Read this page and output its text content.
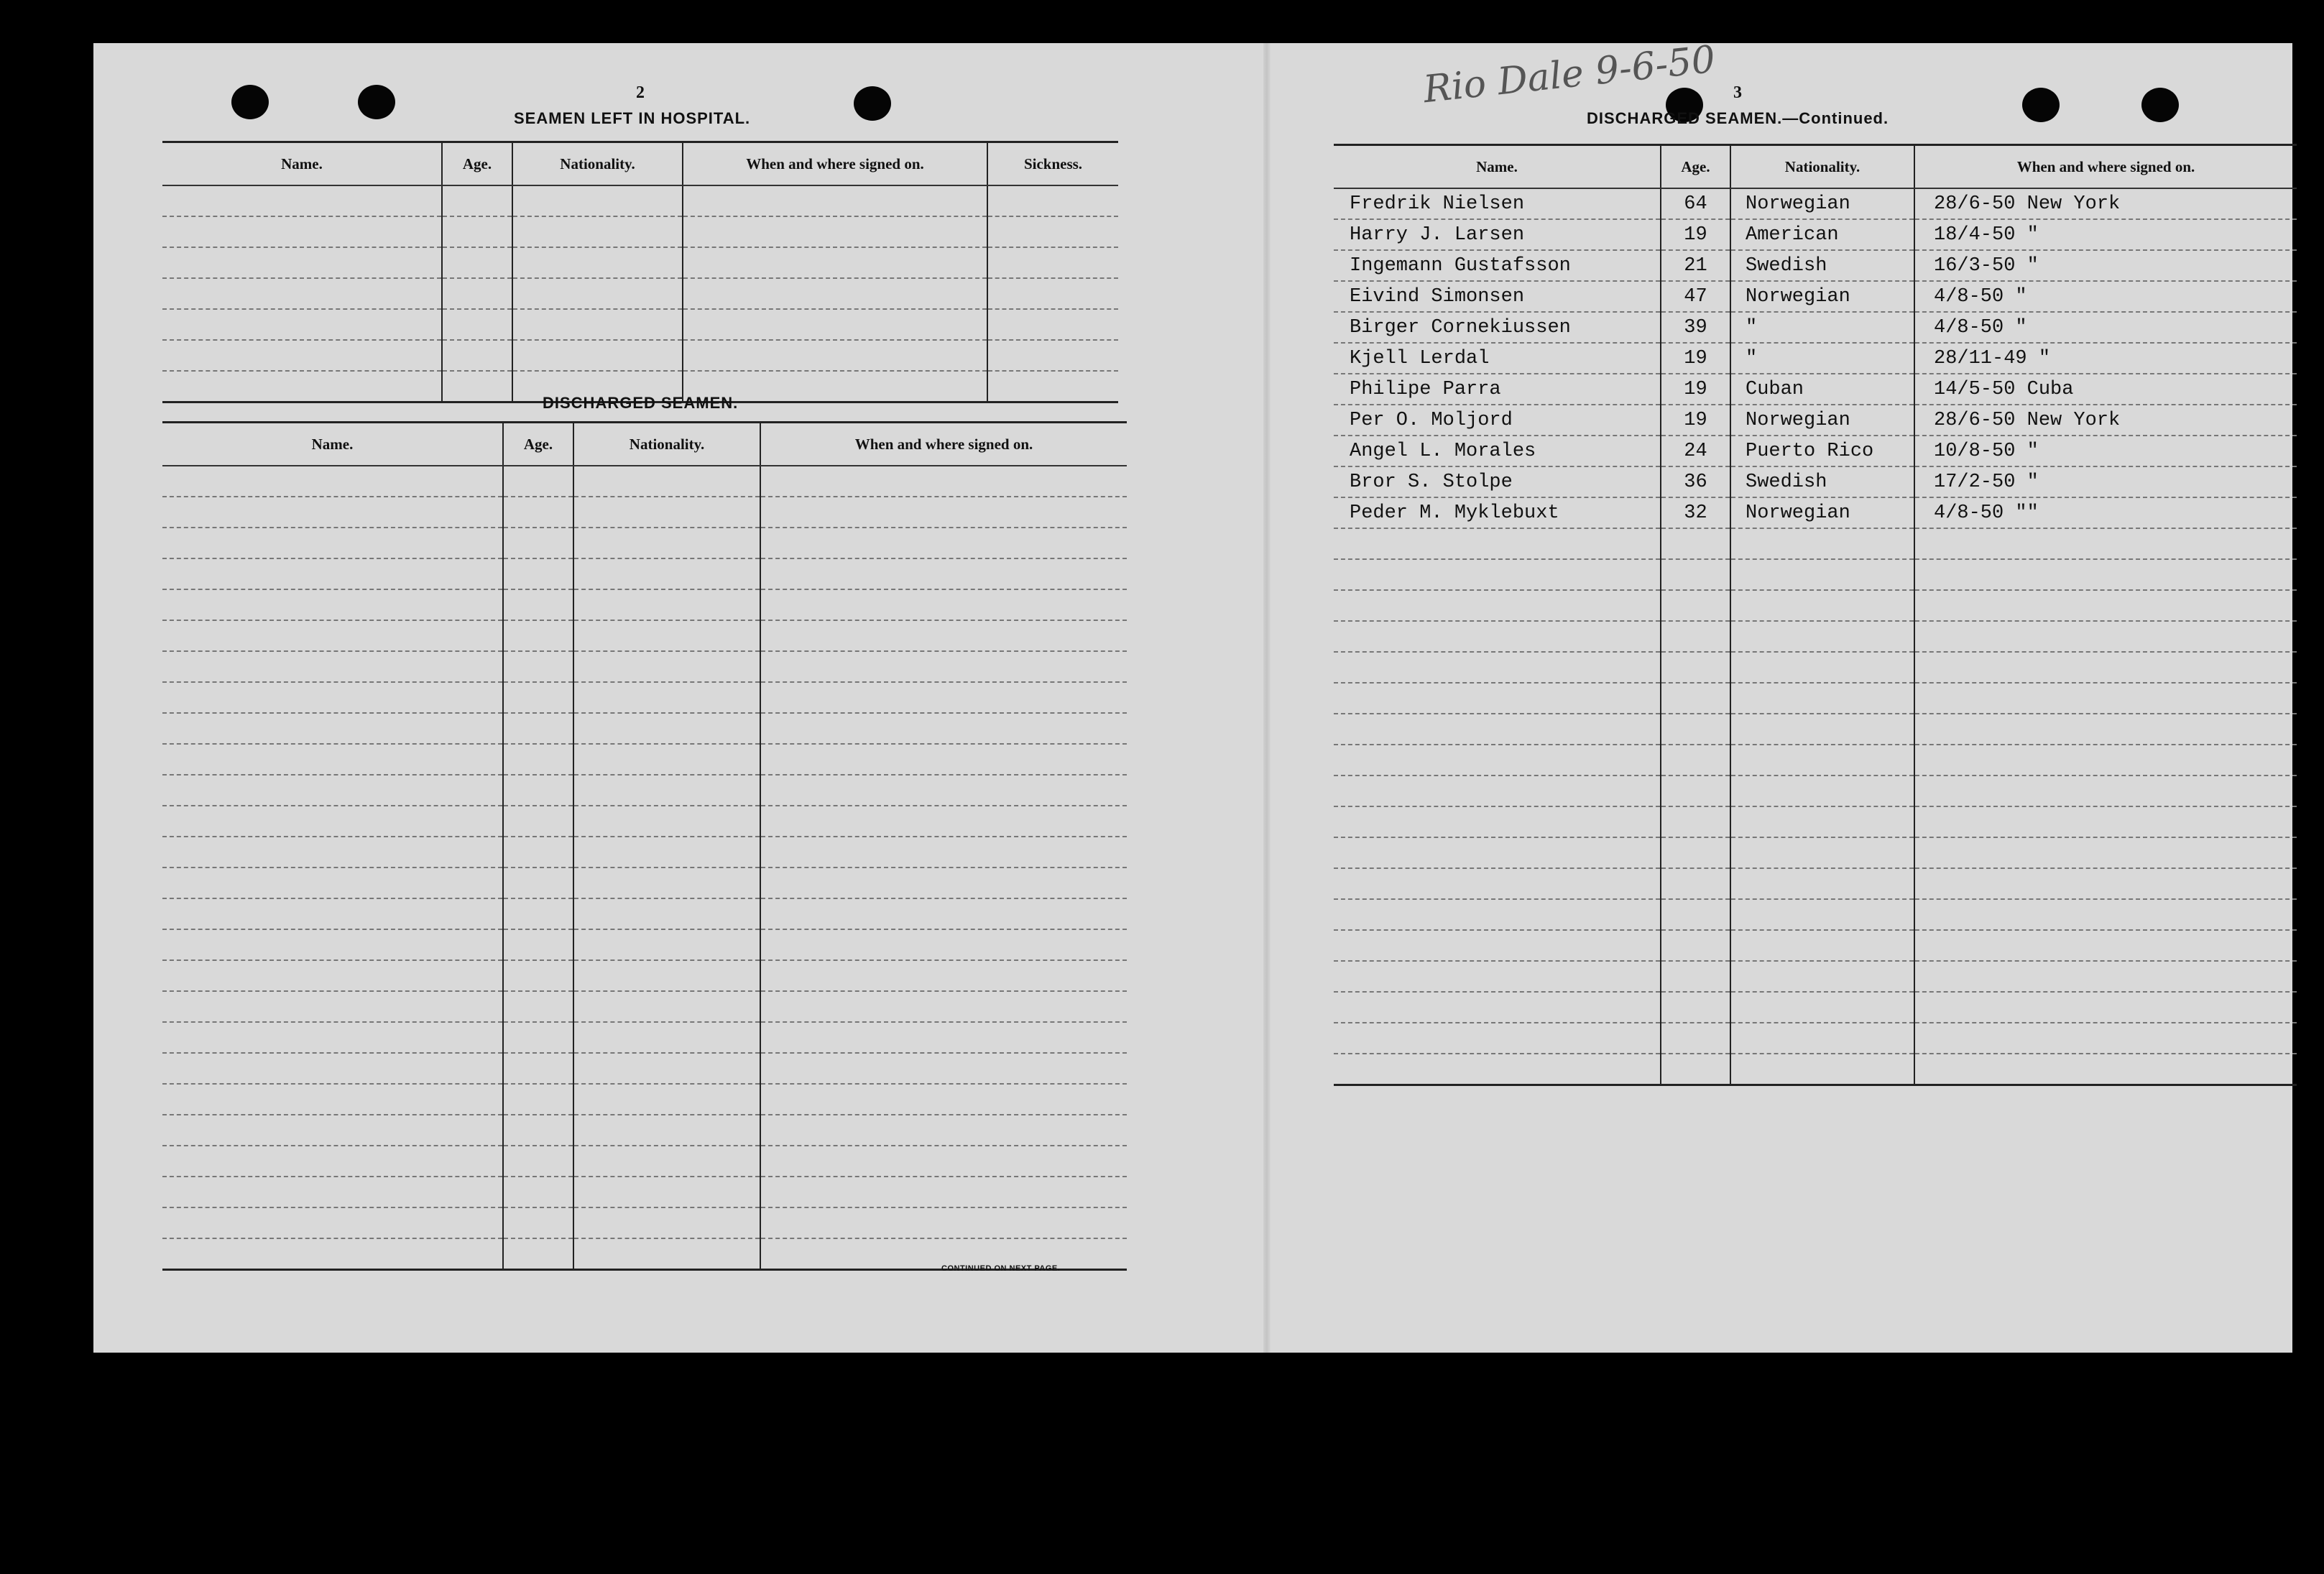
2
SEAMEN LEFT IN HOSPITAL.
Name.	Age.	Nationality.	When and where signed on.	Sickness.

DISCHARGED SEAMEN.
Name.	Age.	Nationality.	When and where signed on.

CONTINUED ON NEXT PAGE.
Rio Dale 9-6-50 3
DISCHARGED SEAMEN.—Continued.
Name.	Age.	Nationality.	When and where signed on.
Fredrik Nielsen	64	Norwegian	28/6-50 New York
Harry J. Larsen	19	American	18/4-50 "
Ingemann Gustafsson	21	Swedish	16/3-50 "
Eivind Simonsen	47	Norwegian	4/8-50 "
Birger Cornekiussen	39	"	4/8-50 "
Kjell Lerdal	19	"	28/11-49 "
Philipe Parra	19	Cuban	14/5-50 Cuba
Per O. Moljord	19	Norwegian	28/6-50 New York
Angel L. Morales	24	Puerto Rico	10/8-50 "
Bror S. Stolpe	36	Swedish	17/2-50 "
Peder M. Myklebuxt	32	Norwegian	4/8-50 ""
